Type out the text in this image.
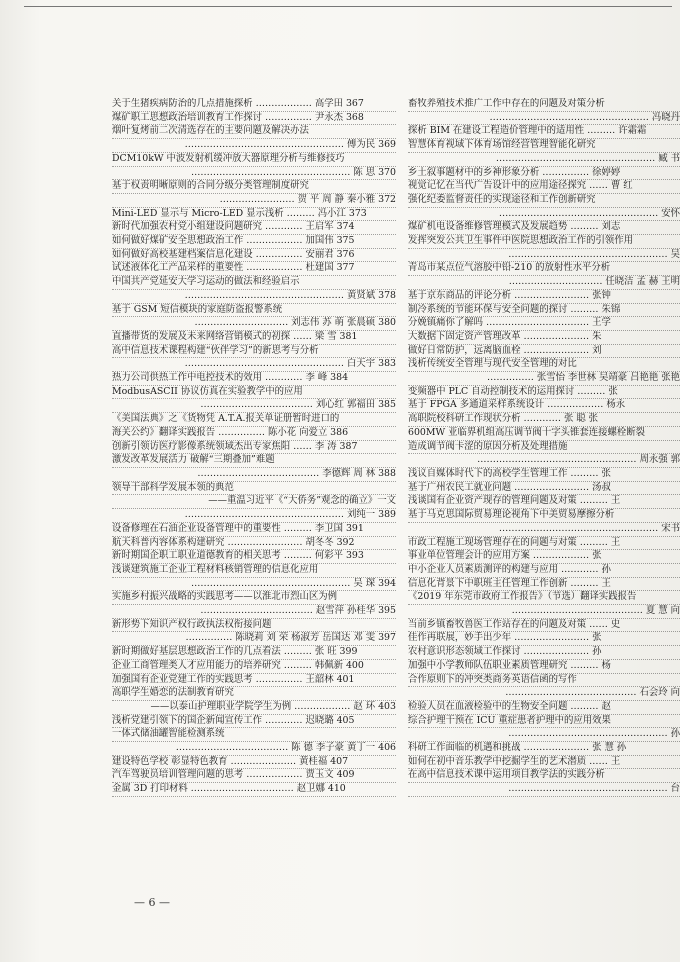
关于生猪疾病防治的几点措施探析 ……………… 高学田 367
煤矿职工思想政治培训教育工作探讨 …………… 尹永杰 368
烟叶复烤前二次清选存在的主要问题及解决办法
…………………………………………… 傅为民 369
DCM10kW 中波发射机缓冲放大器原理分析与维修技巧
…………………………………………… 陈 思 370
基于权责明晰原则的合同分级分类管理制度研究
…………………… 贺 平 周 静 秦小雅 372
Mini-LED 显示与 Micro-LED 显示浅析 ……… 冯小江 373
新时代加强农村党小组建设问题研究 ………… 王启军 374
如何做好煤矿安全思想政治工作 ……………… 加国伟 375
如何做好高校基建档案信息化建设 …………… 安丽君 376
试述液体化工产品采样的重要性 ……………… 杜建国 377
中国共产党延安大学习运动的做法和经验启示
…………………………………………… 黄贤斌 378
基于 GSM 短信模块的家庭防盗报警系统
………………………… 刘志伟 苏 萌 张晨硕 380
直播带货的发展及未来网络营销模式的初探 …… 梁 雪 381
高中信息技术课程构建“伙伴学习”的新思考与分析
…………………………………………… 白天宇 383
热力公司供热工作中电控技术的效用 ………… 李 峰 384
ModbusASCII 协议仿真在实验教学中的应用
……………………………… 刘心红 郭福田 385
《美国法典》之《货物凭 A.T.A.报关单证册暂时进口的
海关公约》翻译实践报告 …………… 陈小花 向爱立 386
创新引领访医疗影像系统领域杰出专家焦阳 …… 李 涛 387
激发改革发展活力 破解“三期叠加”难题
………………………………… 李德辉 周 林 388
领导干部科学发展本领的典范
——重温习近平《“大侨务”观念的确立》一文
…………………………………………… 刘纯一 389
设备修理在石油企业设备管理中的重要性 ……… 李卫国 391
航天科普内容体系构建研究 …………………… 胡冬冬 392
新时期国企职工职业道德教育的相关思考 ……… 何彩平 393
浅谈建筑施工企业工程材料核销管理的信息化应用
…………………………………………… 吴 琛 394
实施乡村振兴战略的实践思考——以淮北市烈山区为例
……………………………… 赵雪萍 孙桂华 395
新形势下知识产权行政执法权衔接问题
…………… 陈晓莉 刘 荣 杨淑芳 岳国达 邓 雯 397
新时期做好基层思想政治工作的几点看法 ……… 张 旺 399
企业工商管理类人才应用能力的培养研究 ……… 韩佩新 400
加强国有企业党建工作的实践思考 …………… 王韶林 401
高职学生婚恋的法制教育研究
——以泰山护理职业学院学生为例 ……………… 赵 环 403
浅析党建引领下的国企新闻宣传工作 ………… 迟晓璐 405
一体式储油罐智能检测系统
……………………………… 陈 德 李子豪 黄丁一 406
建设特色学校 彰显特色教育 ………………… 黄桂福 407
汽车驾驶员培训管理问题的思考 ……………… 贾玉文 409
金属 3D 打印材料 …………………………… 赵卫娜 410
畜牧养殖技术推广工作中存在的问题及对策分析
…………………………………………… 冯晓丹
探析 BIM 在建设工程造价管理中的适用性 ……… 许霜霜
智慧体育视域下体育场馆经营管理智能化研究
…………………………………………… 臧 书
乡土叙事题材中的乡神形象分析 …………… 徐婷婷
视觉记忆在当代广告设计中的应用途径探究 …… 曹 红
强化纪委监督责任的实现途径和工作创新研究
…………………………………………… 安怀
煤矿机电设备维修管理模式及发展趋势 ……… 刘志
发挥突发公共卫生事件中医院思想政治工作的引领作用
…………………………………………… 吴
青岛市某点位气溶胶中铅-210 的放射性水平分析
………………………… 任晓洁 孟 赫 王明
基于京东商品的评论分析 …………………… 张钟
制冷系统的节能环保与安全问题的探讨 ……… 朱锦
分娩镇痛你了解吗 …………………………… 王学
大数据下固定资产管理改革 ………………… 朱
做好日常防护，远离脑血栓 ………………… 刘
浅析传统安全管理与现代安全管理的对比
…………… 张雪怡 李世林 吴靖豪 吕艳艳 张艳
变频器中 PLC 自动控制技术的运用探讨 ……… 张
基于 FPGA 多通道采样系统设计 ……………… 杨永
高职院校科研工作现状分析 ………… 张 聪 张
600MW 亚临界机组高压调节阀十字头锥套连接螺栓断裂
造成调节阀卡涩的原因分析及处理措施
…………………………………………… 周永强 郭
浅议自媒体时代下的高校学生管理工作 ……… 张
基于广州农民工就业问题 …………………… 汤叔
浅谈国有企业资产现存的管理问题及对策 ……… 王
基于马克思国际贸易理论视角下中美贸易摩擦分析
…………………………………………… 宋书
市政工程施工现场管理存在的问题与对策 ……… 王
事业单位管理会计的应用方案 ……………… 张
中小企业人员素质测评的构建与应用 ………… 孙
信息化背景下中职班主任管理工作创新 ……… 王
《2019 年东莞市政府工作报告》（节选）翻译实践报告
…………………………………… 夏 慧 向
当前乡镇畜牧兽医工作站存在的问题及对策 …… 史
佳作再联展，妙手出少年 …………………… 张
农村意识形态领域工作探讨 ………………… 孙
加强中小学教师队伍职业素质管理研究 ……… 杨
合作原则下的冲突类商务英语信函的写作
…………………………………… 石会玲 向
检验人员在血液检验中的生物安全问题 ……… 赵
综合护理干预在 ICU 重症患者护理中的应用效果
…………………………………………… 孙
科研工作面临的机遇和挑战 ………………… 张 慧 孙
如何在初中音乐教学中挖掘学生的艺术潜质 …… 王
在高中信息技术课中运用项目教学法的实践分析
…………………………………………… 台
— 6 —
